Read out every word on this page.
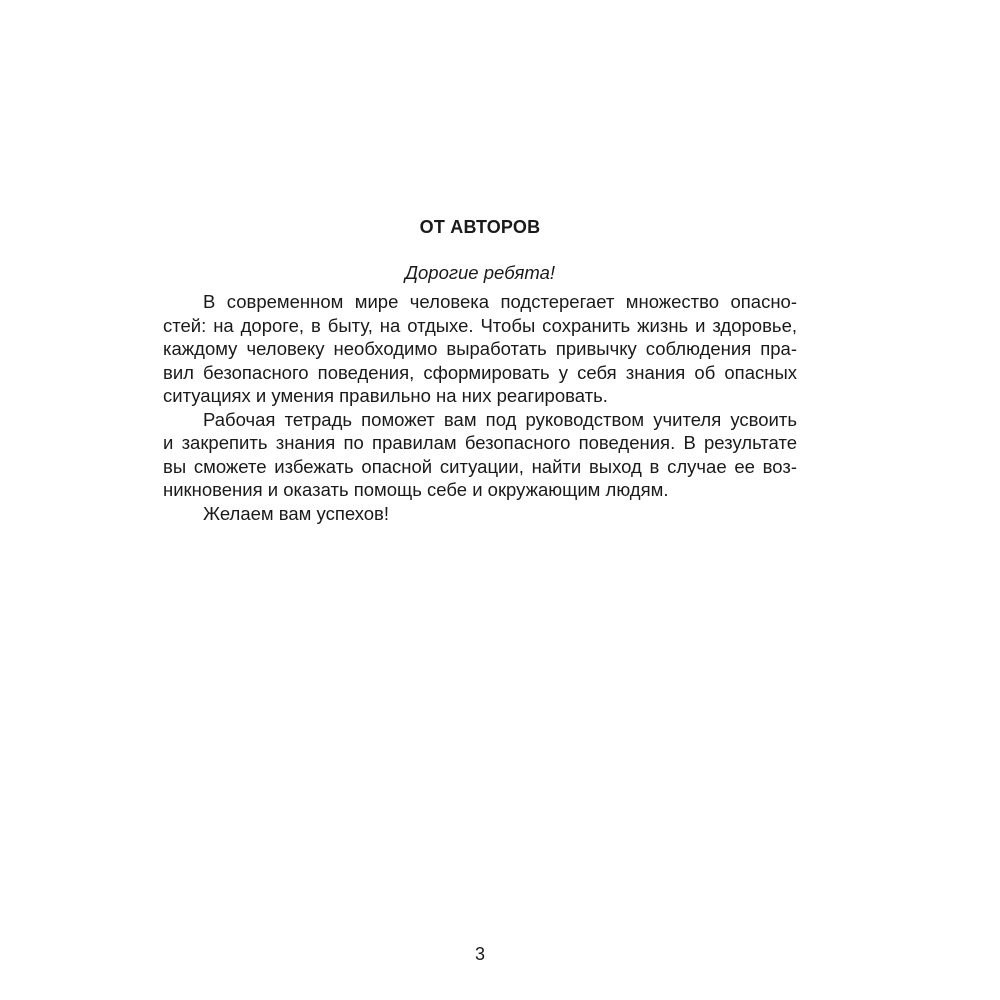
ОТ АВТОРОВ

Дорогие ребята!

В современном мире человека подстерегает множество опасно-
стей: на дороге, в быту, на отдыхе. Чтобы сохранить жизнь и здоровье,
каждому человеку необходимо выработать привычку соблюдения пра-
вил безопасного поведения, сформировать у себя знания об опасных
ситуациях и умения правильно на них реагировать.
Рабочая тетрадь поможет вам под руководством учителя усвоить
и закрепить знания по правилам безопасного поведения. В результате
вы сможете избежать опасной ситуации, найти выход в случае ее воз-
никновения и оказать помощь себе и окружающим людям.
Желаем вам успехов!

3
